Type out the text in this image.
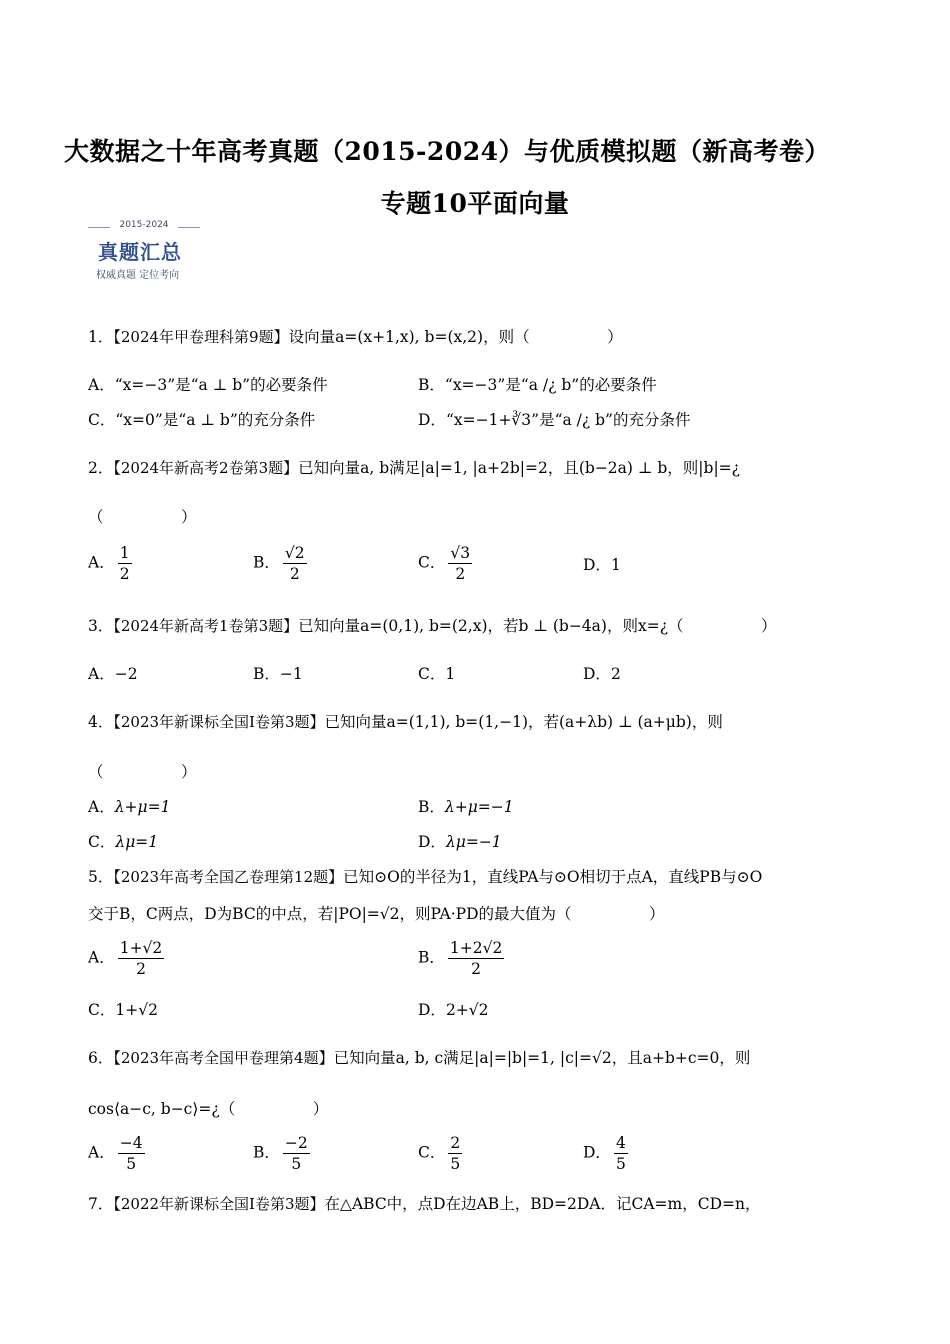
大数据之十年高考真题（2015-2024）与优质模拟题（新高考卷）
专题10平面向量
2015-2024
真题汇总
权威真题 定位考向
1．【2024年甲卷理科第9题】设向量a=(x+1,x), b=(x,2)，则（　　　　　）
A．“x=−3”是“a ⊥ b”的必要条件	B．“x=−3”是“a /¿ b”的必要条件
C．“x=0”是“a ⊥ b”的充分条件	D．“x=−1+∛3”是“a /¿ b”的充分条件
2．【2024年新高考2卷第3题】已知向量a, b满足|a|=1, |a+2b|=2，且(b−2a) ⊥ b，则|b|=¿
（　　　　　）
A． $\frac{1}{2}$	B． $\frac{√2}{2}$	C． $\frac{√3}{2}$	D．1
3．【2024年新高考1卷第3题】已知向量a=(0,1), b=(2,x)，若b ⊥ (b−4a)，则x=¿（　　　　　）
A．−2	B．−1	C．1	D．2
4．【2023年新课标全国Ⅰ卷第3题】已知向量a=(1,1), b=(1,−1)，若(a+λb) ⊥ (a+μb)，则
（　　　　　）
A．λ+μ=1	B．λ+μ=−1
C．λμ=1	D．λμ=−1
5．【2023年高考全国乙卷理第12题】已知⊙O的半径为1，直线PA与⊙O相切于点A，直线PB与⊙O
交于B，C两点，D为BC的中点，若|PO|=√2，则PA·PD的最大值为（　　　　　）
A． $\frac{1+√2}{2}$	B． $\frac{1+2√2}{2}$
C．1+√2	D．2+√2
6．【2023年高考全国甲卷理第4题】已知向量a, b, c满足|a|=|b|=1, |c|=√2，且a+b+c=0，则
cos⟨a−c, b−c⟩=¿（　　　　　）
A． $\frac{-4}{5}$	B． $\frac{-2}{5}$	C． $\frac{2}{5}$	D． $\frac{4}{5}$
7．【2022年新课标全国Ⅰ卷第3题】在△ABC中，点D在边AB上，BD=2DA．记CA=m，CD=n，
